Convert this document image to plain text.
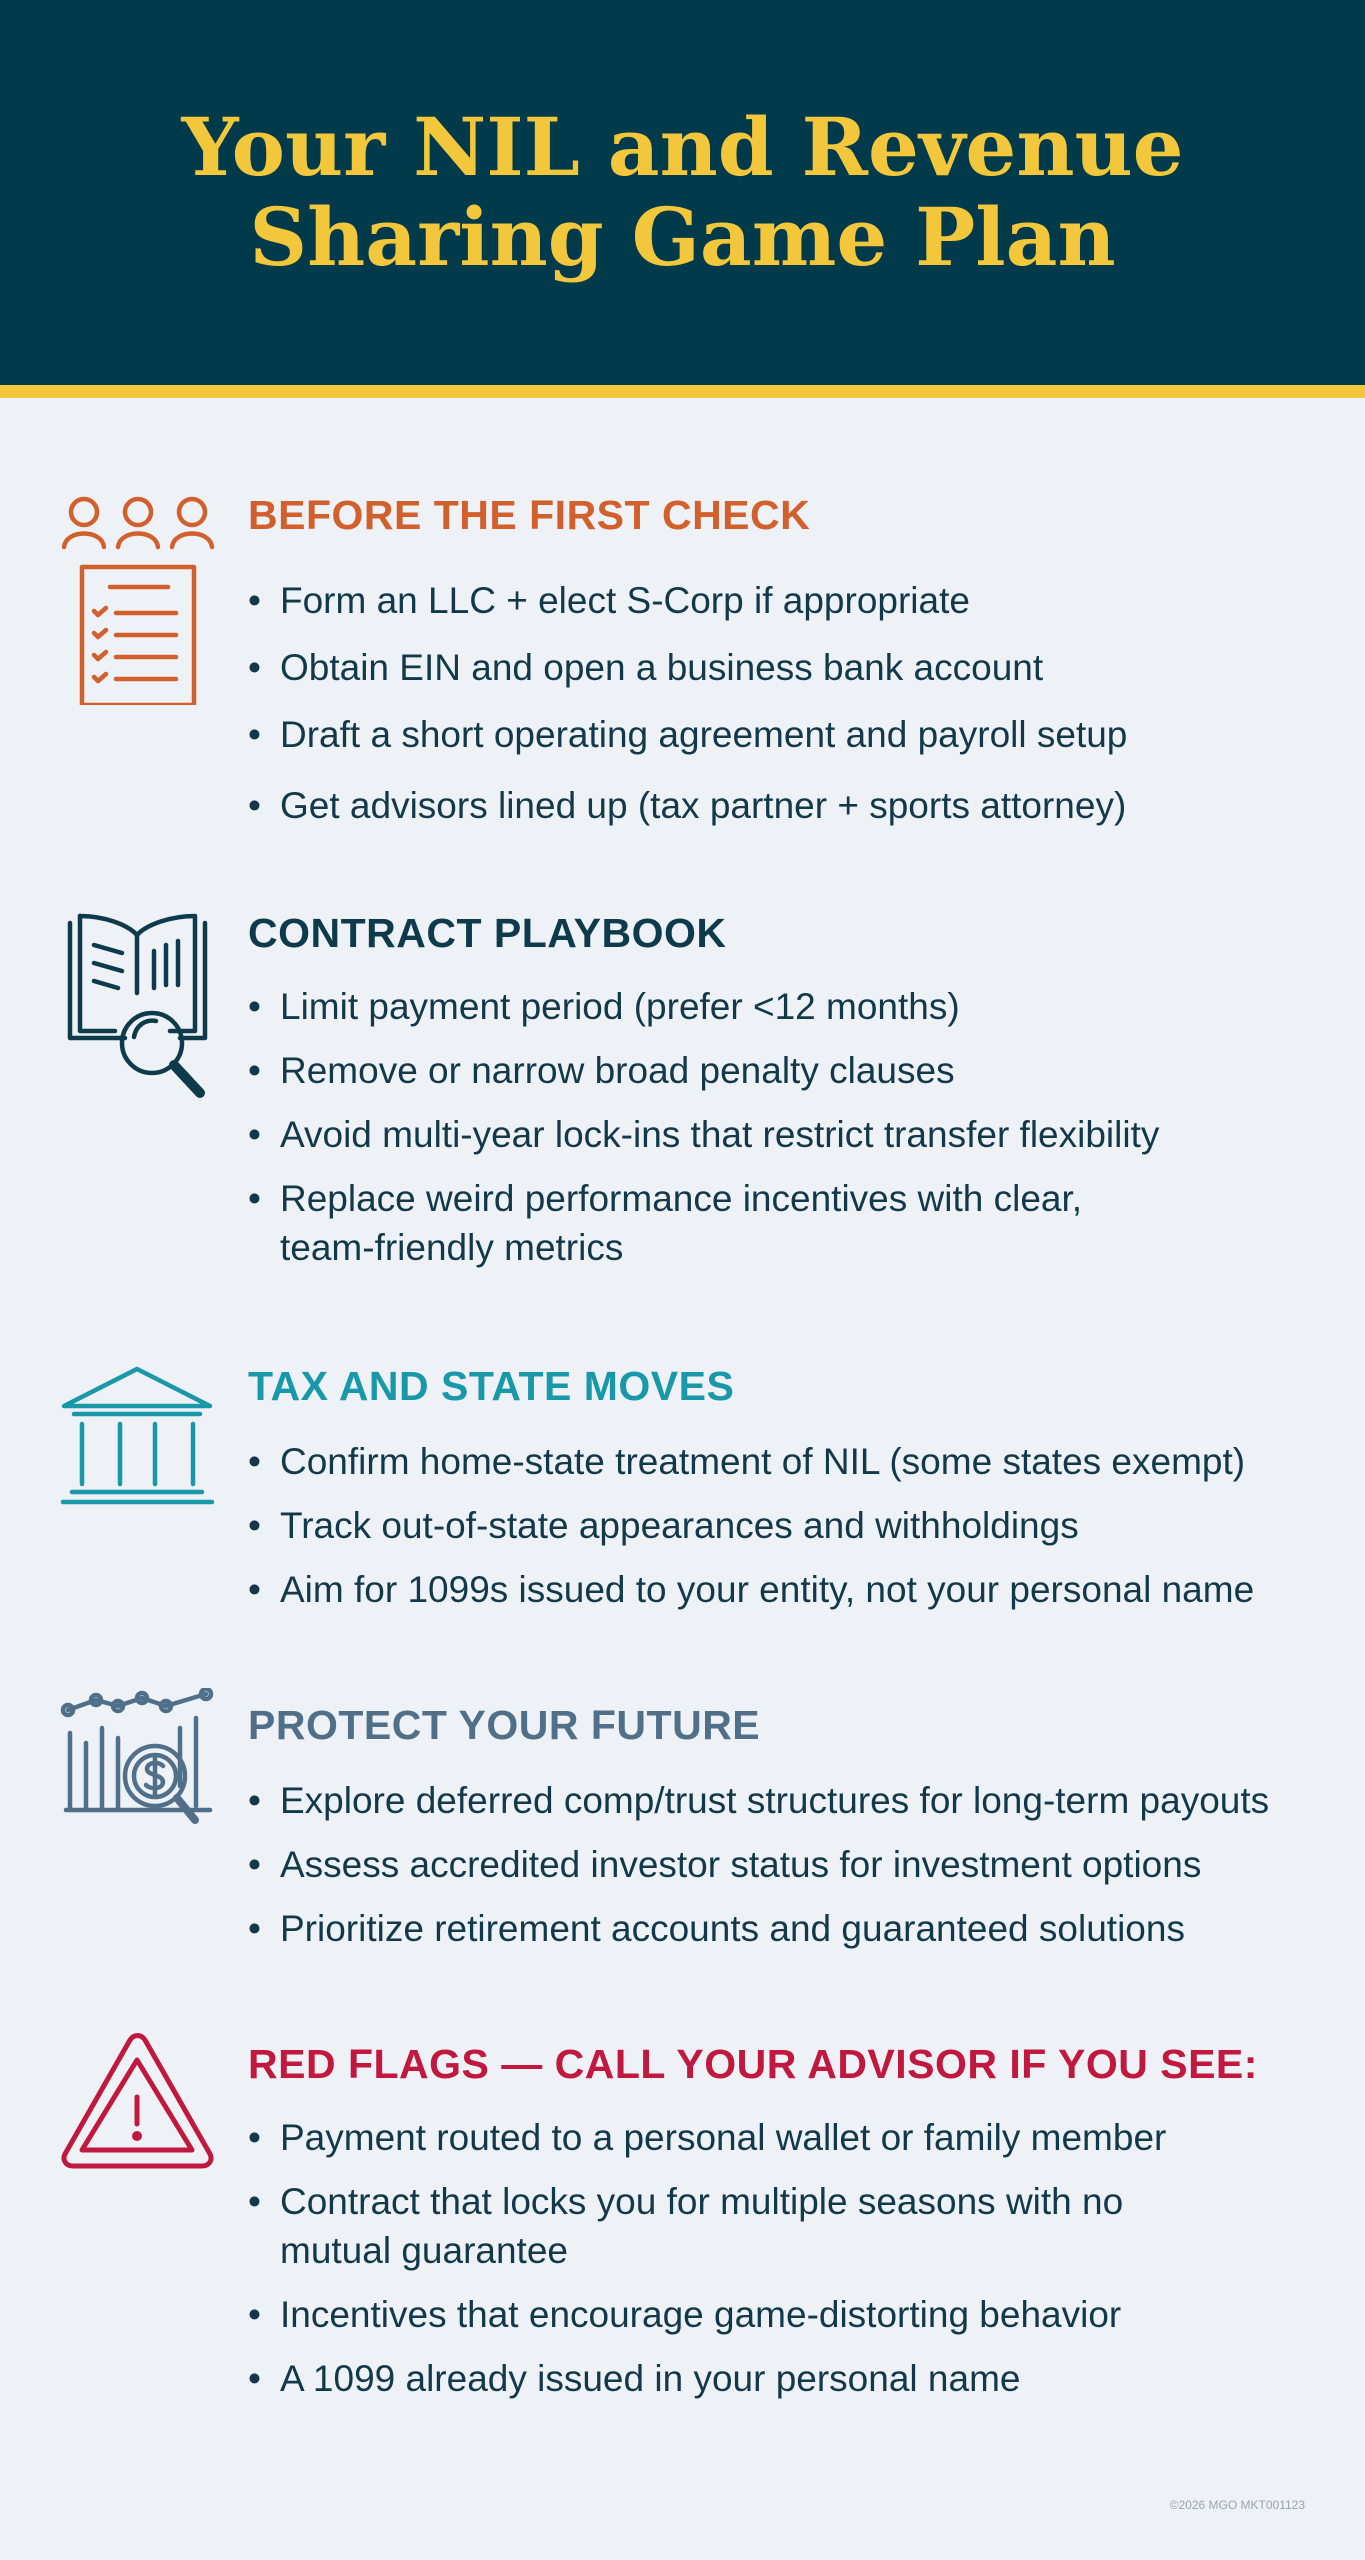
Your NIL and Revenue
Sharing Game Plan
BEFORE THE FIRST CHECK
• Form an LLC + elect S-Corp if appropriate
• Obtain EIN and open a business bank account
• Draft a short operating agreement and payroll setup
• Get advisors lined up (tax partner + sports attorney)
CONTRACT PLAYBOOK
• Limit payment period (prefer <12 months)
• Remove or narrow broad penalty clauses
• Avoid multi-year lock-ins that restrict transfer flexibility
• Replace weird performance incentives with clear, team-friendly metrics
TAX AND STATE MOVES
• Confirm home-state treatment of NIL (some states exempt)
• Track out-of-state appearances and withholdings
• Aim for 1099s issued to your entity, not your personal name
PROTECT YOUR FUTURE
• Explore deferred comp/trust structures for long-term payouts
• Assess accredited investor status for investment options
• Prioritize retirement accounts and guaranteed solutions
RED FLAGS — CALL YOUR ADVISOR IF YOU SEE:
• Payment routed to a personal wallet or family member
• Contract that locks you for multiple seasons with no mutual guarantee
• Incentives that encourage game-distorting behavior
• A 1099 already issued in your personal name
©2026 MGO MKT001123
